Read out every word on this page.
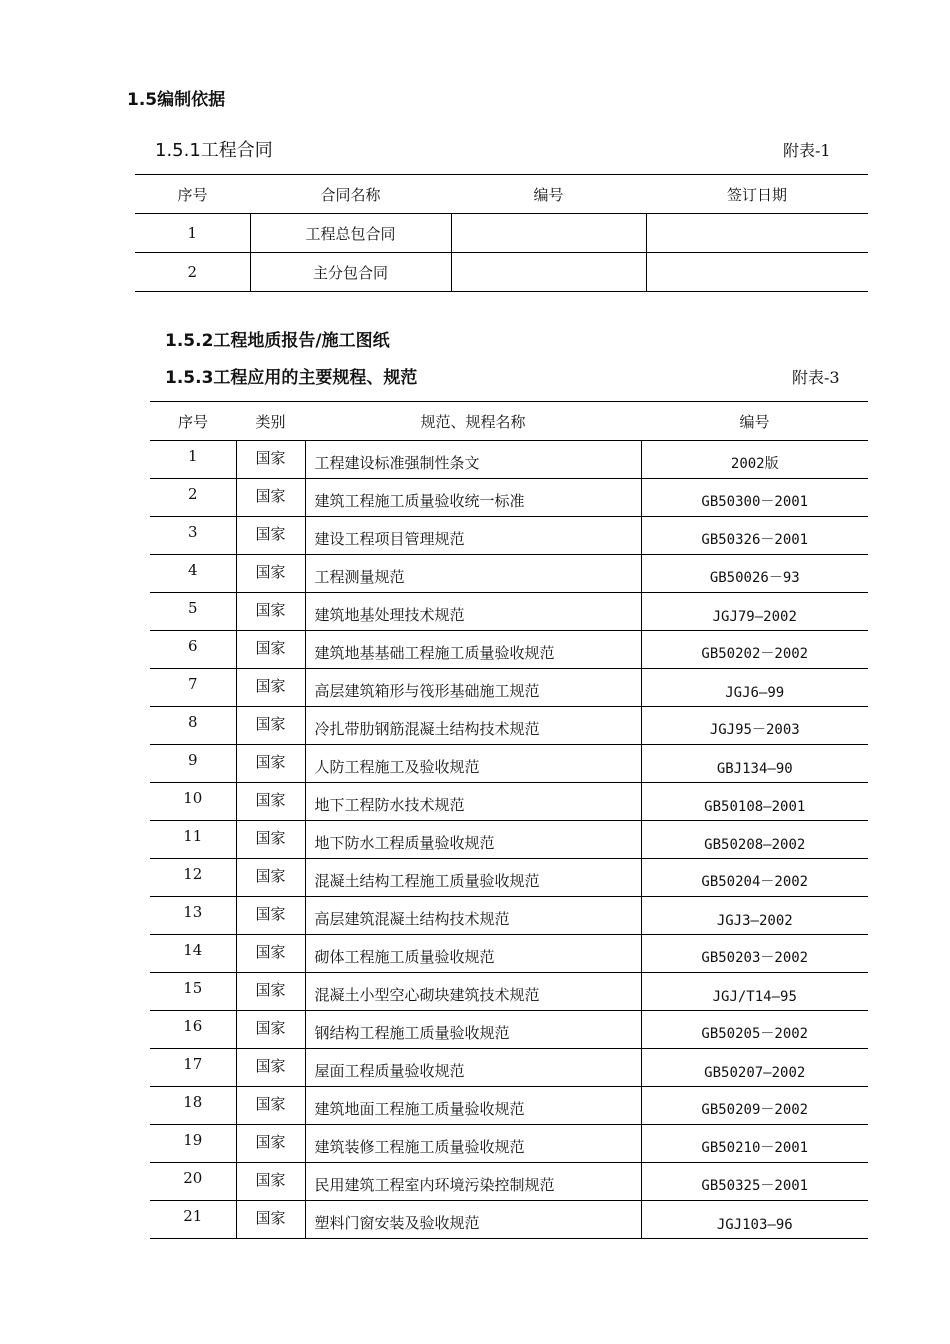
1.5编制依据
1.5.1工程合同	附表-1
序号	合同名称	编号	签订日期
1	工程总包合同		
2	主分包合同		
1.5.2工程地质报告/施工图纸
1.5.3工程应用的主要规程、规范	附表-3
序号	类别	规范、规程名称	编号
1	国家	工程建设标准强制性条文	2002版
2	国家	建筑工程施工质量验收统一标准	GB50300－2001
3	国家	建设工程项目管理规范	GB50326－2001
4	国家	工程测量规范	GB50026－93
5	国家	建筑地基处理技术规范	JGJ79—2002
6	国家	建筑地基基础工程施工质量验收规范	GB50202－2002
7	国家	高层建筑箱形与筏形基础施工规范	JGJ6—99
8	国家	冷扎带肋钢筋混凝土结构技术规范	JGJ95－2003
9	国家	人防工程施工及验收规范	GBJ134—90
10	国家	地下工程防水技术规范	GB50108—2001
11	国家	地下防水工程质量验收规范	GB50208—2002
12	国家	混凝土结构工程施工质量验收规范	GB50204－2002
13	国家	高层建筑混凝土结构技术规范	JGJ3—2002
14	国家	砌体工程施工质量验收规范	GB50203－2002
15	国家	混凝土小型空心砌块建筑技术规范	JGJ/T14—95
16	国家	钢结构工程施工质量验收规范	GB50205－2002
17	国家	屋面工程质量验收规范	GB50207—2002
18	国家	建筑地面工程施工质量验收规范	GB50209－2002
19	国家	建筑装修工程施工质量验收规范	GB50210－2001
20	国家	民用建筑工程室内环境污染控制规范	GB50325－2001
21	国家	塑料门窗安装及验收规范	JGJ103—96
